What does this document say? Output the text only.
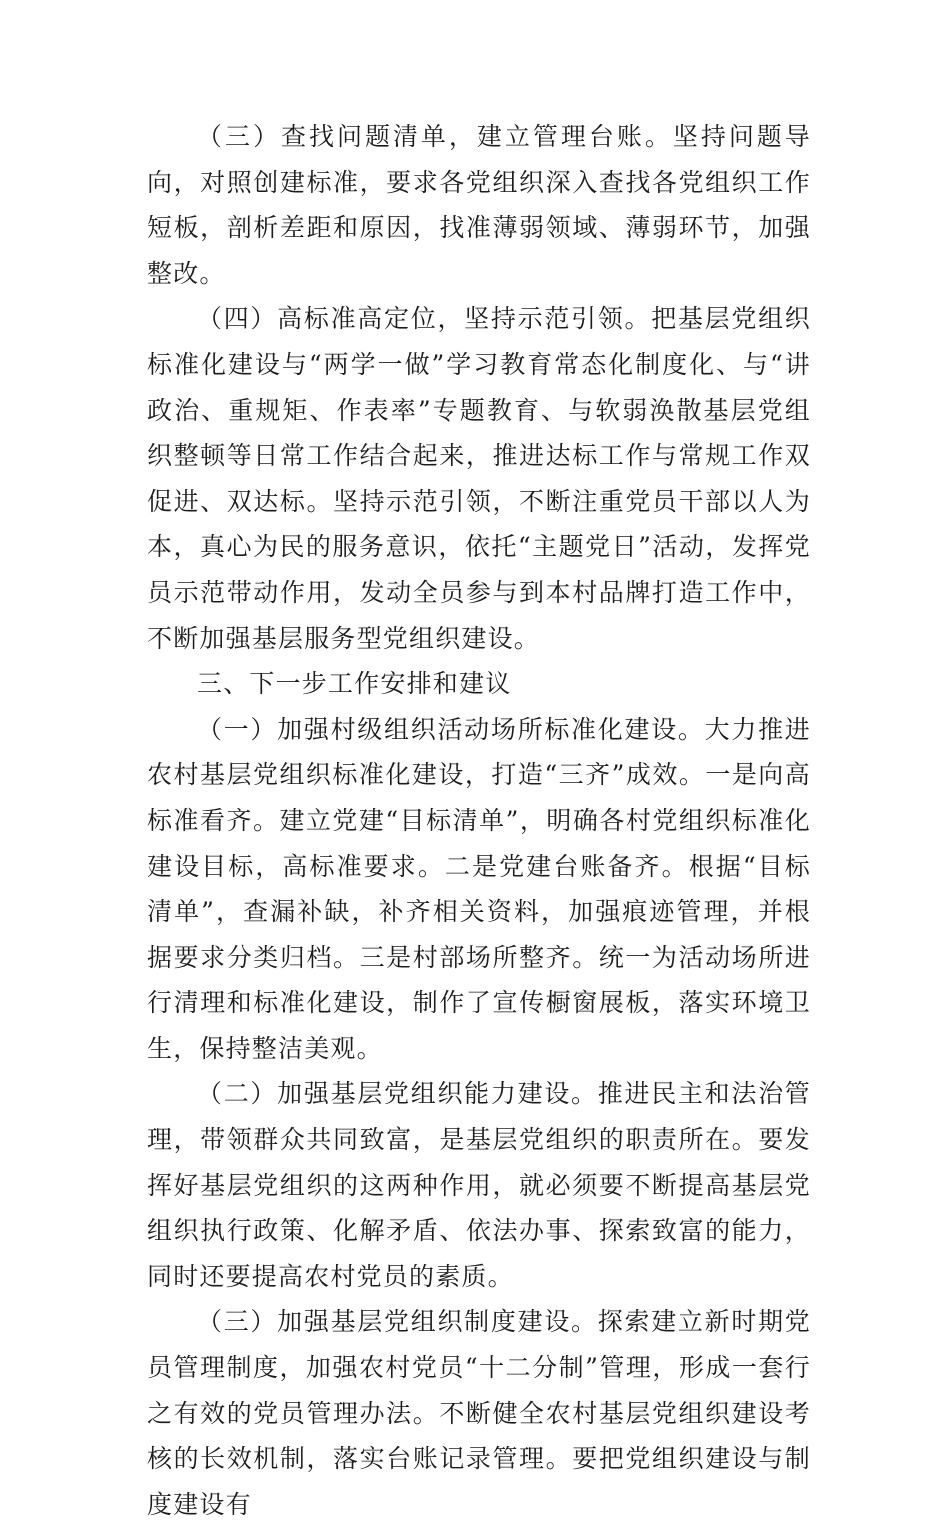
（三）查找问题清单，建立管理台账。坚持问题导向，对照创建标准，要求各党组织深入查找各党组织工作短板，剖析差距和原因，找准薄弱领域、薄弱环节，加强整改。

（四）高标准高定位，坚持示范引领。把基层党组织标准化建设与“两学一做”学习教育常态化制度化、与“讲政治、重规矩、作表率”专题教育、与软弱涣散基层党组织整顿等日常工作结合起来，推进达标工作与常规工作双促进、双达标。坚持示范引领，不断注重党员干部以人为本，真心为民的服务意识，依托“主题党日”活动，发挥党员示范带动作用，发动全员参与到本村品牌打造工作中，不断加强基层服务型党组织建设。

三、下一步工作安排和建议

（一）加强村级组织活动场所标准化建设。大力推进农村基层党组织标准化建设，打造“三齐”成效。一是向高标准看齐。建立党建“目标清单”，明确各村党组织标准化建设目标，高标准要求。二是党建台账备齐。根据“目标清单”，查漏补缺，补齐相关资料，加强痕迹管理，并根据要求分类归档。三是村部场所整齐。统一为活动场所进行清理和标准化建设，制作了宣传橱窗展板，落实环境卫生，保持整洁美观。

（二）加强基层党组织能力建设。推进民主和法治管理，带领群众共同致富，是基层党组织的职责所在。要发挥好基层党组织的这两种作用，就必须要不断提高基层党组织执行政策、化解矛盾、依法办事、探索致富的能力，同时还要提高农村党员的素质。

（三）加强基层党组织制度建设。探索建立新时期党员管理制度，加强农村党员“十二分制”管理，形成一套行之有效的党员管理办法。不断健全农村基层党组织建设考核的长效机制，落实台账记录管理。要把党组织建设与制度建设有
